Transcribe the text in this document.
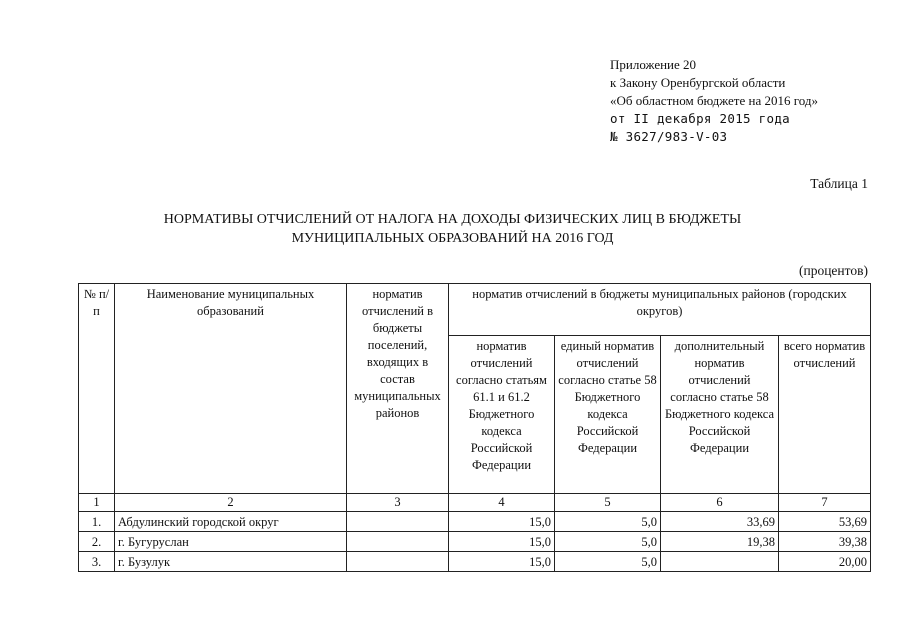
Приложение 20
к Закону Оренбургской области
«Об областном бюджете на 2016 год»
от II декабря 2015 года
№ 3627/983-V-03
Таблица 1
НОРМАТИВЫ ОТЧИСЛЕНИЙ ОТ НАЛОГА НА ДОХОДЫ ФИЗИЧЕСКИХ ЛИЦ В БЮДЖЕТЫ
МУНИЦИПАЛЬНЫХ ОБРАЗОВАНИЙ НА 2016 ГОД
(процентов)
№ п/п	Наименование муниципальных образований	норматив отчислений в бюджеты поселений, входящих в состав муниципальных районов	норматив отчислений в бюджеты муниципальных районов (городских округов)			
			норматив отчислений согласно статьям 61.1 и 61.2 Бюджетного кодекса Российской Федерации	единый норматив отчислений согласно статье 58 Бюджетного кодекса Российской Федерации	дополнительный норматив отчислений согласно статье 58 Бюджетного кодекса Российской Федерации	всего норматив отчислений
1	2	3	4	5	6	7
1.	Абдулинский городской округ		15,0	5,0	33,69	53,69
2.	г. Бугуруслан		15,0	5,0	19,38	39,38
3.	г. Бузулук		15,0	5,0		20,00
